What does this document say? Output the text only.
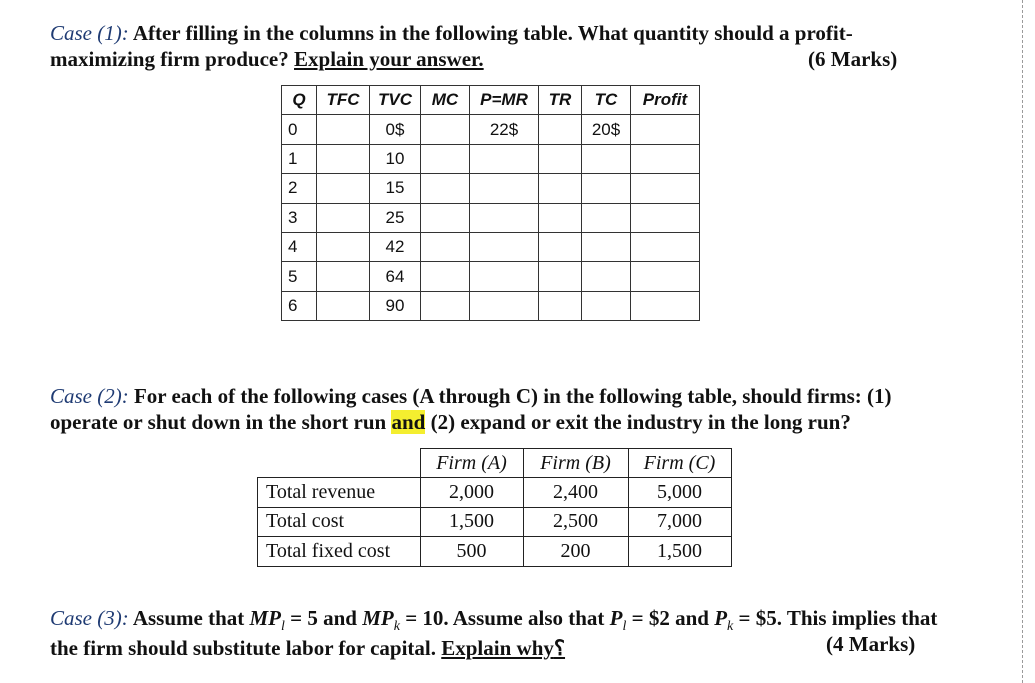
Case (1): After filling in the columns in the following table. What quantity should a profit-maximizing firm produce? Explain your answer.	(6 Marks)
Q	TFC	TVC	MC	P=MR	TR	TC	Profit
0		0$		22$		20$	
1		10					
2		15					
3		25					
4		42					
5		64					
6		90					
Case (2): For each of the following cases (A through C) in the following table, should firms: (1) operate or shut down in the short run and (2) expand or exit the industry in the long run?
	Firm (A)	Firm (B)	Firm (C)
Total revenue	2,000	2,400	5,000
Total cost	1,500	2,500	7,000
Total fixed cost	500	200	1,500
Case (3): Assume that $MP_l = 5$ and $MP_k = 10$. Assume also that $P_l$ = $2 and $P_k$ = $5. This implies that the firm should substitute labor for capital. Explain why؟	(4 Marks)
